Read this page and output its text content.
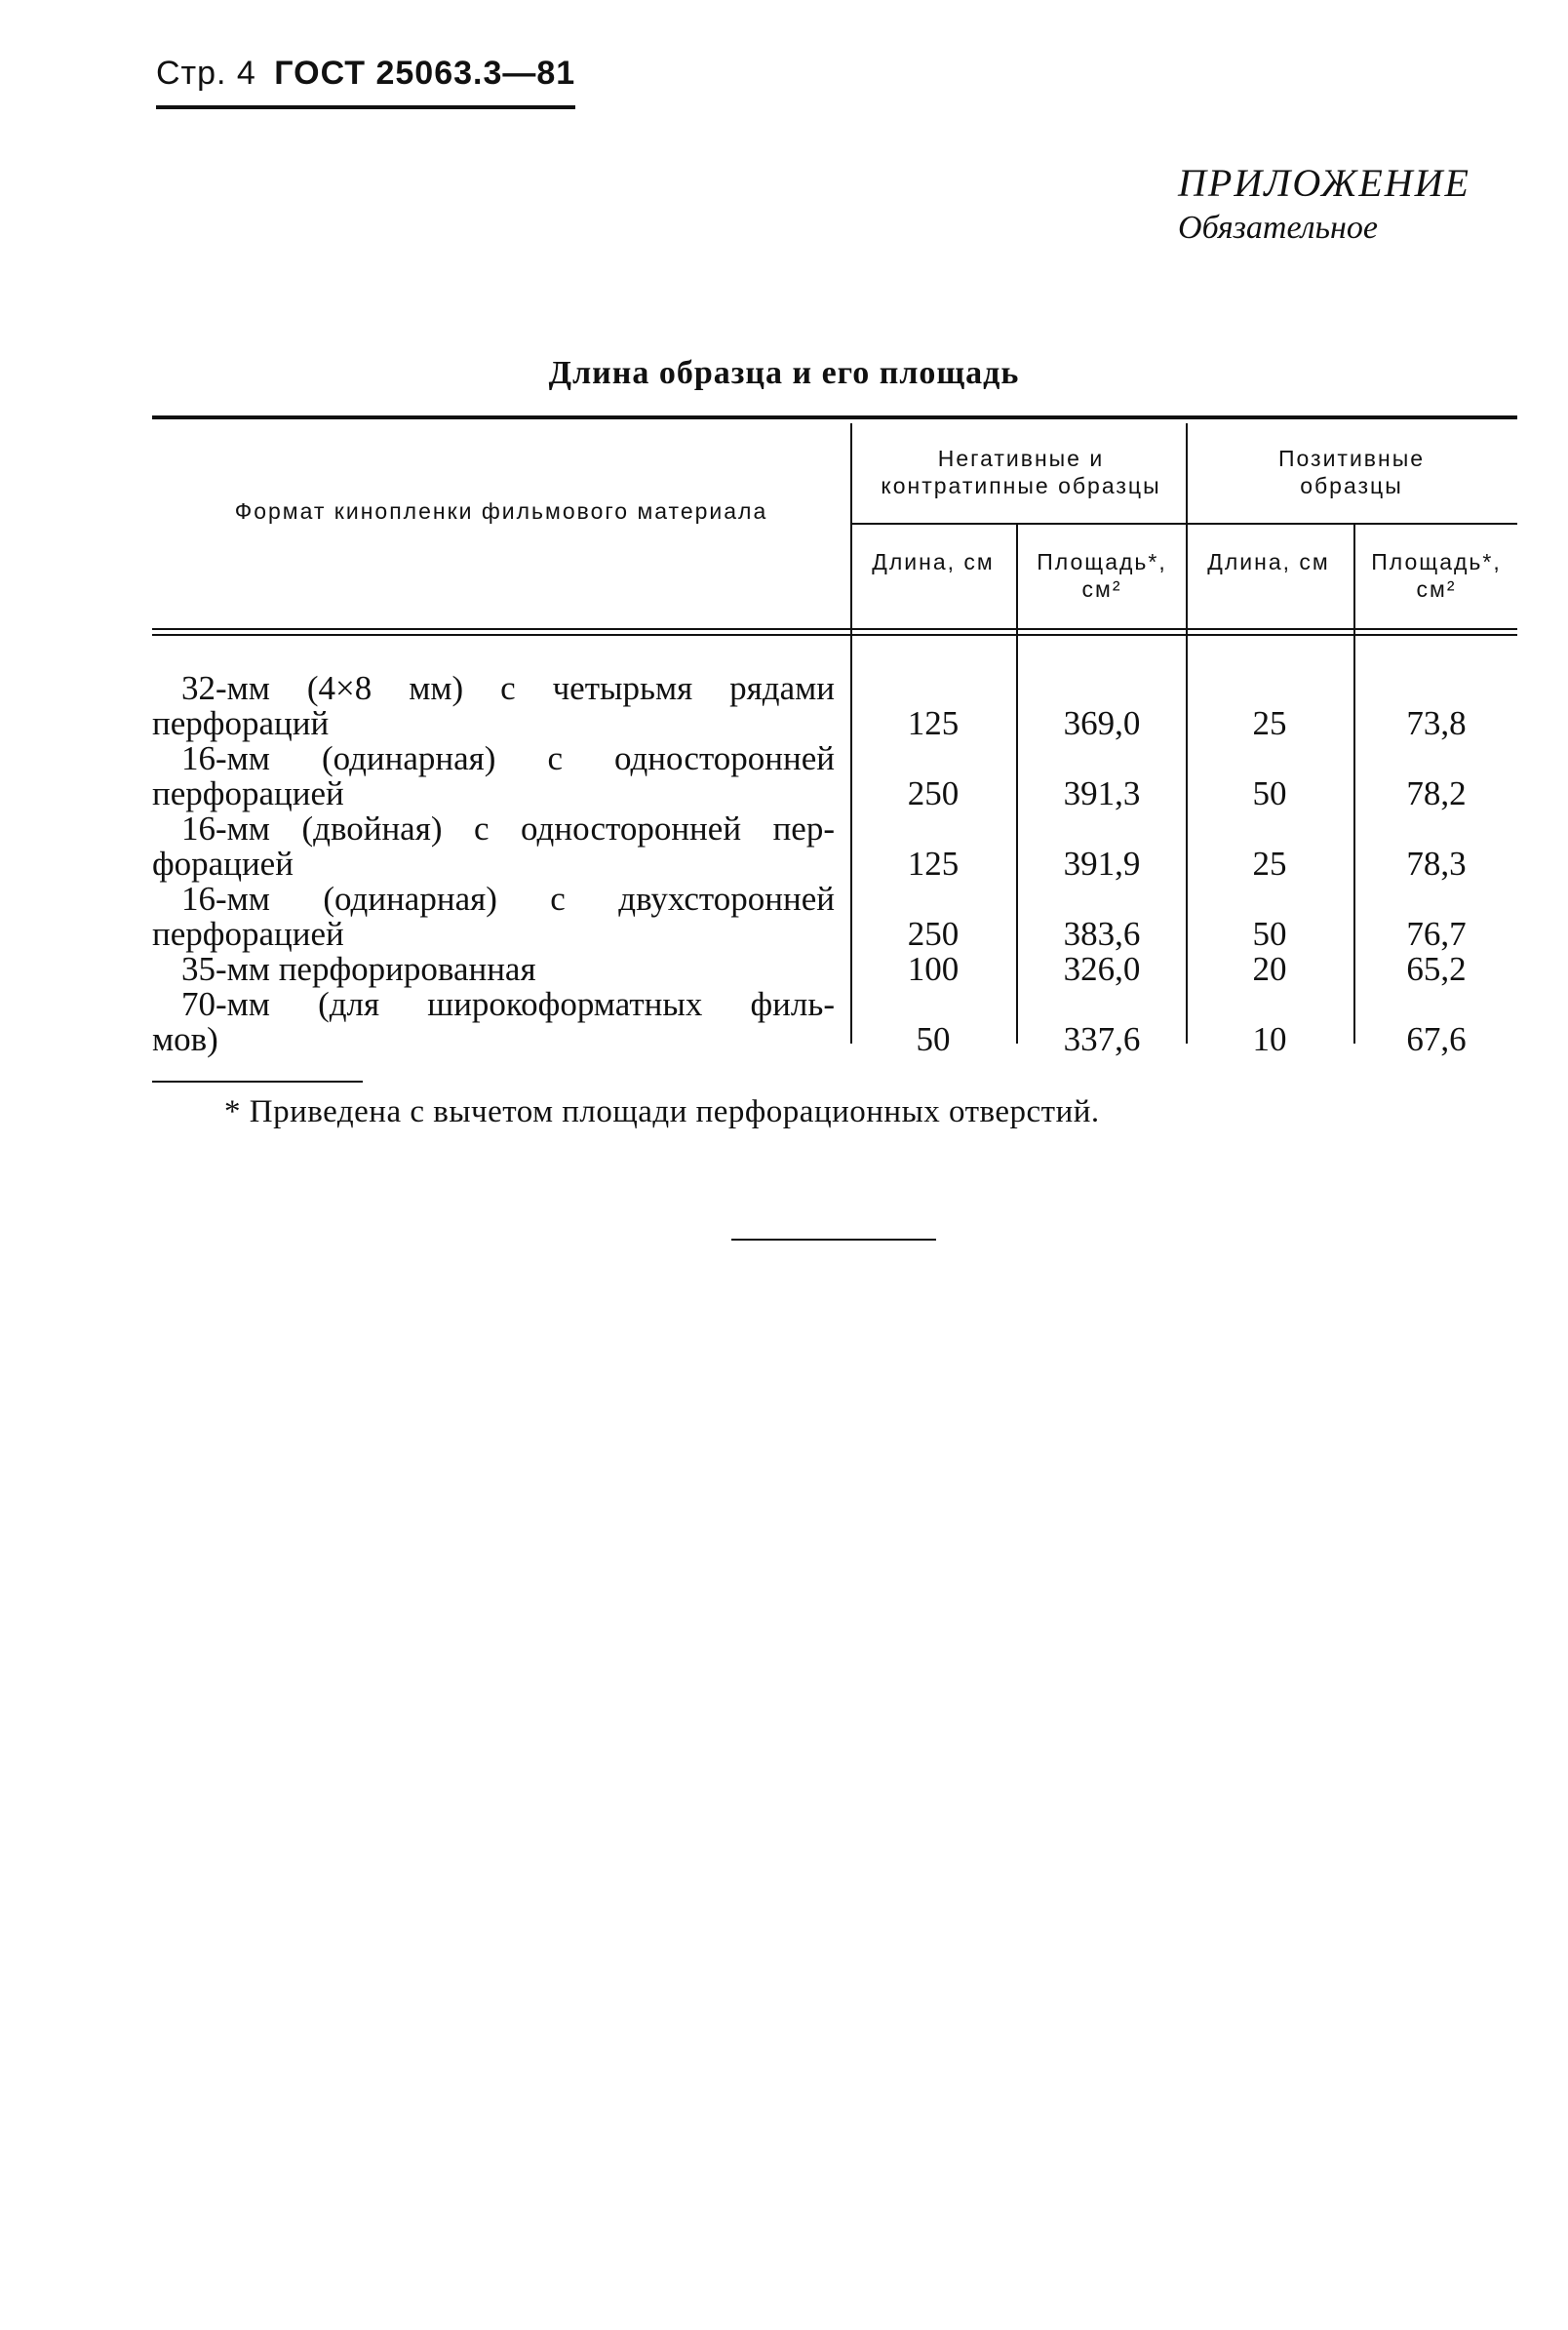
Стр. 4 ГОСТ 25063.3—81
ПРИЛОЖЕНИЕ
Обязательное
Длина образца и его площадь
Формат кинопленки фильмового материала
Негативные и контратипные образцы
Позитивные образцы
Длина, см	Площадь*, см²
Длина, см	Площадь*, см²
32-мм (4×8 мм) с четырьмя рядами
перфораций	125	369,0	25	73,8
16-мм (одинарная) с односторонней
перфорацией	250	391,3	50	78,2
16-мм (двойная) с односторонней пер-
форацией	125	391,9	25	78,3
16-мм (одинарная) с двухсторонней
перфорацией	250	383,6	50	76,7
35-мм перфорированная	100	326,0	20	65,2
70-мм (для широкоформатных филь-
мов)	50	337,6	10	67,6
* Приведена с вычетом площади перфорационных отверстий.
